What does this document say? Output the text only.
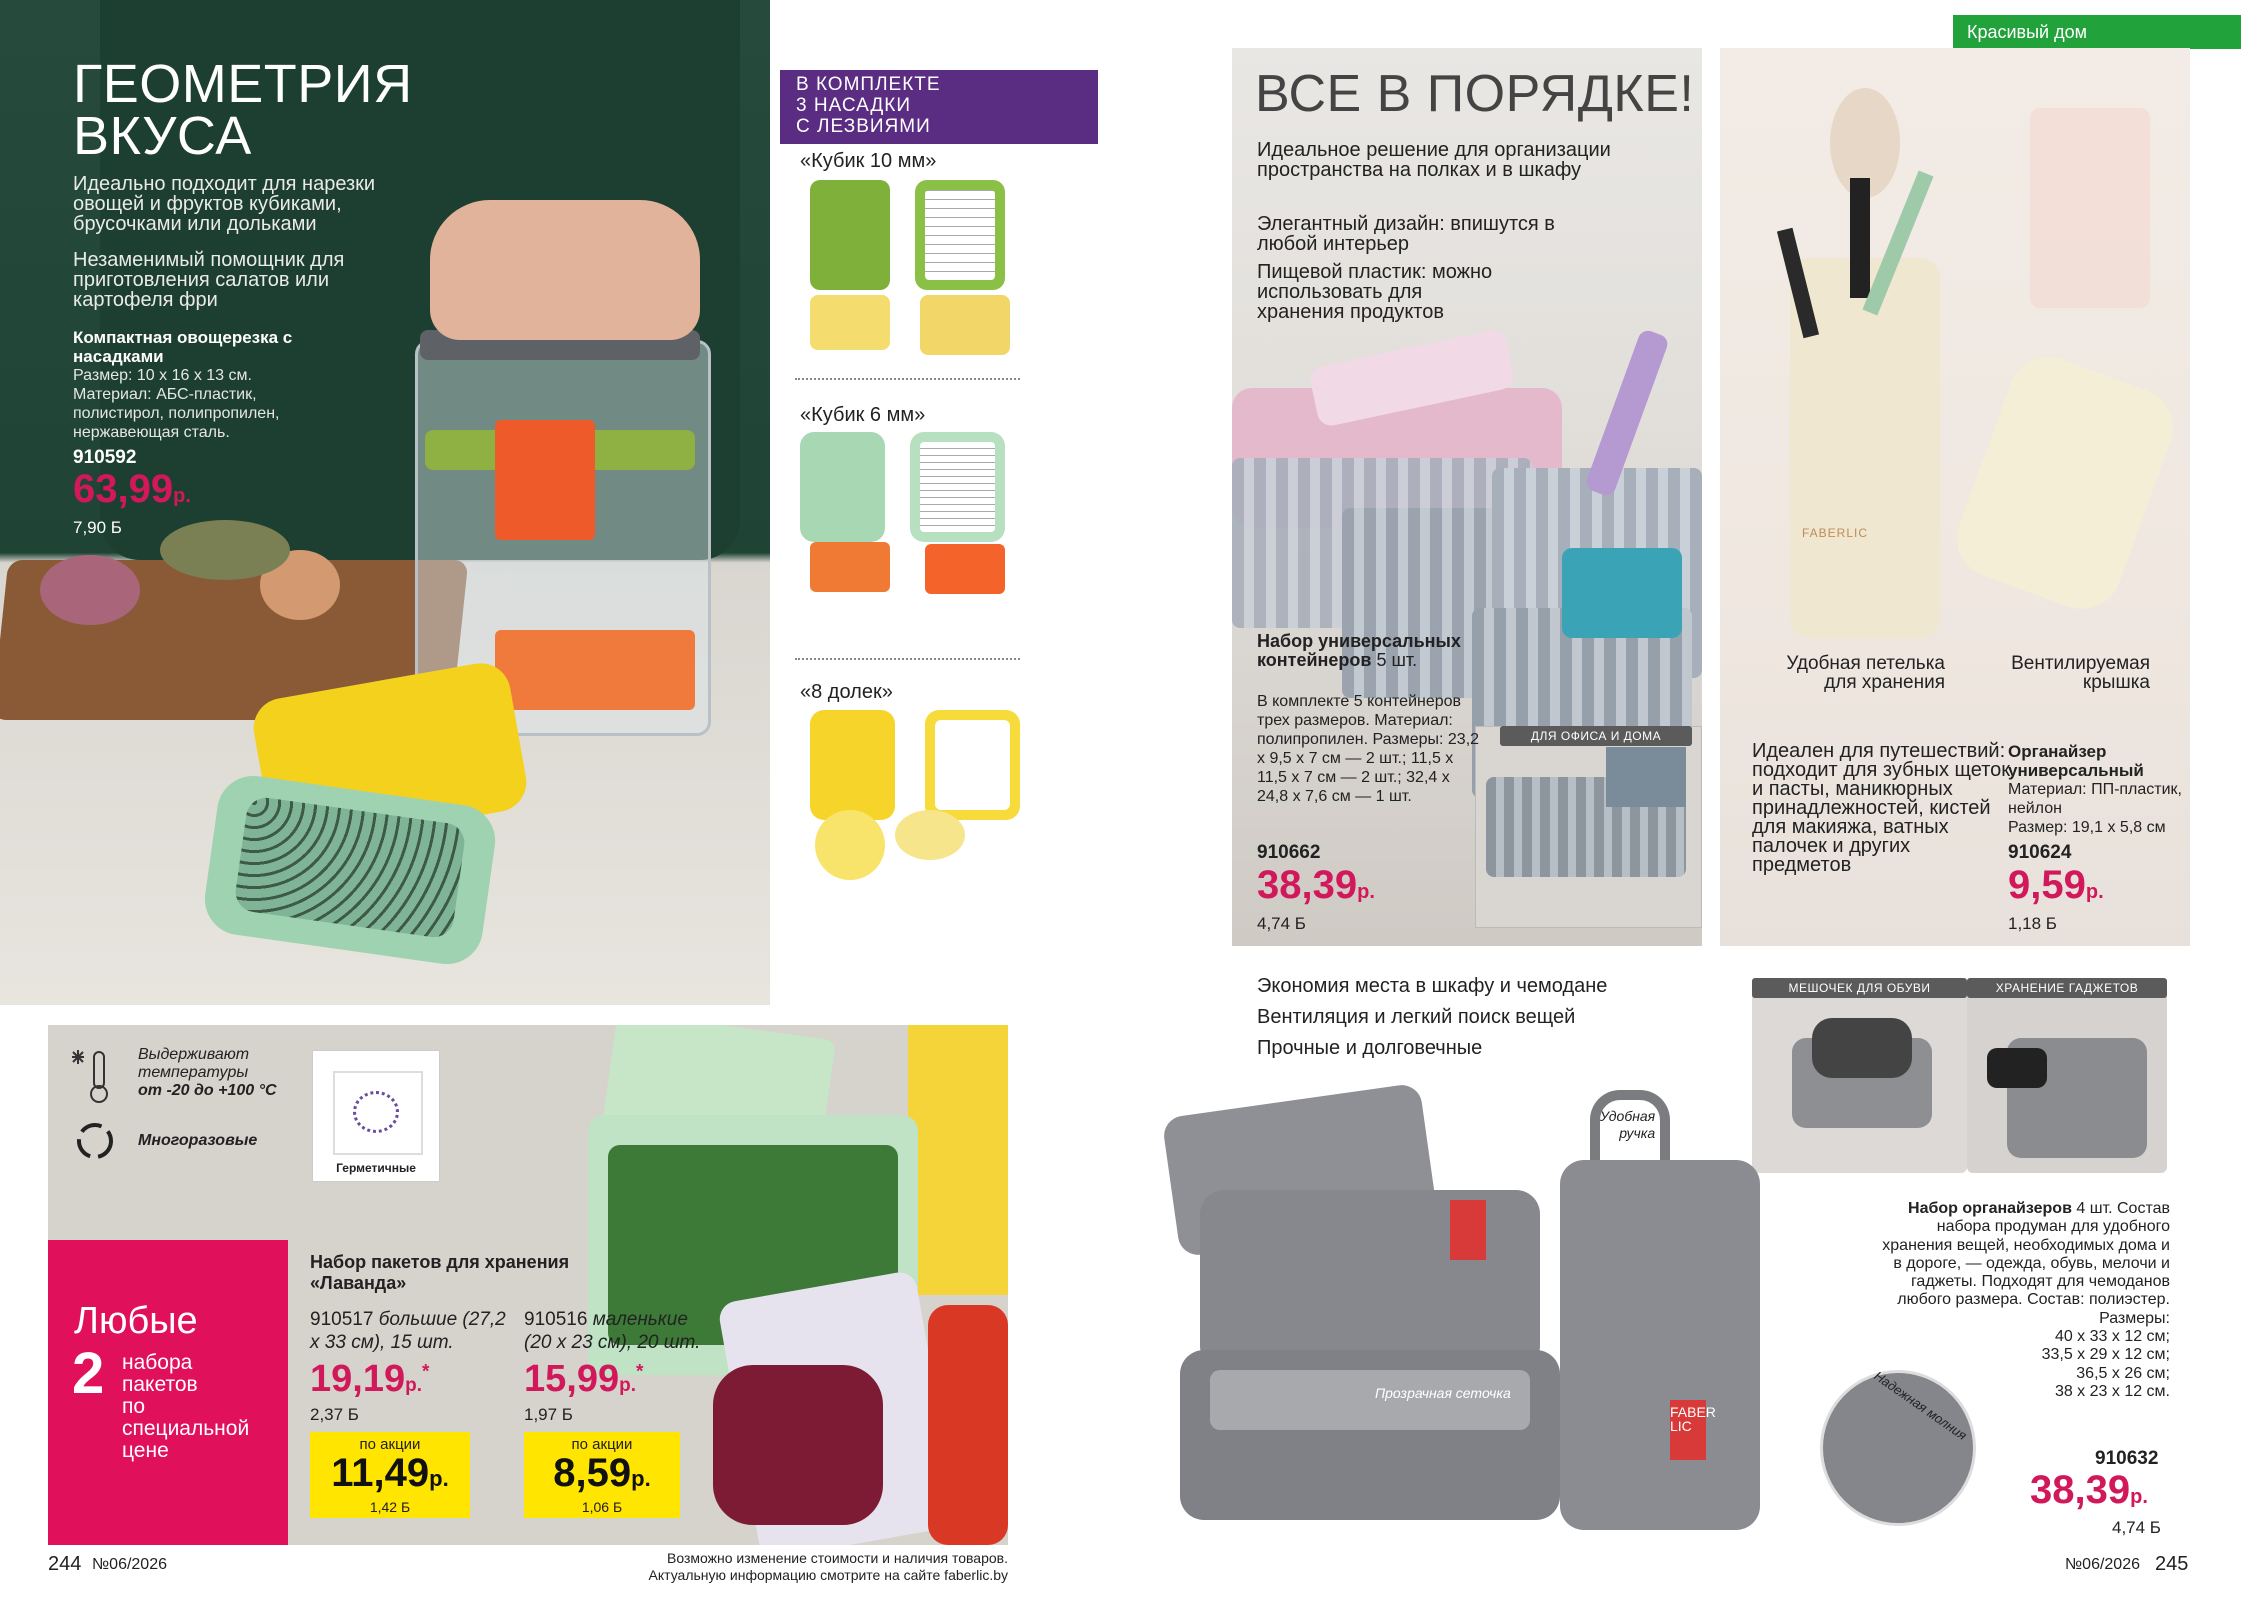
ГЕОМЕТРИЯ
ВКУСА
Идеально подходит для нарезки овощей и фруктов кубиками, брусочками или дольками
Незаменимый помощник для приготовления салатов или картофеля фри
Компактная овощерезка с насадками
Размер: 10 х 16 х 13 см.
Материал: АБС-пластик, полистирол, полипропилен, нержавеющая сталь.
910592
63,99р.
7,90 Б
В КОМПЛЕКТЕ
3 НАСАДКИ
С ЛЕЗВИЯМИ
«Кубик 10 мм»
«Кубик 6 мм»
«8 долек»
Выдерживают
температуры
от -20 до +100 °C
Многоразовые
Герметичные
Любые
2 набора
пакетов
по
специальной
цене
Набор пакетов для хранения «Лаванда»
910517 большие (27,2 х 33 см), 15 шт.
19,19р.*
2,37 Б
по акции
11,49р.
1,42 Б
910516 маленькие (20 х 23 см), 20 шт.
15,99р.*
1,97 Б
по акции
8,59р.
1,06 Б
244 №06/2026	Возможно изменение стоимости и наличия товаров.
Актуальную информацию смотрите на сайте faberlic.by
Красивый дом
ДЛЯ ОФИСА И ДОМА
FABERLIC
ВСЕ В ПОРЯДКЕ!
Идеальное решение для организации пространства на полках и в шкафу
Элегантный дизайн: впишутся в любой интерьер
Пищевой пластик: можно использовать для хранения продуктов
Набор универсальных контейнеров 5 шт.
В комплекте 5 контейнеров трех размеров. Материал: полипропилен. Размеры: 23,2 х 9,5 х 7 см — 2 шт.; 11,5 х 11,5 х 7 см — 2 шт.; 32,4 х 24,8 х 7,6 см — 1 шт.
910662
38,39р.
4,74 Б
Удобная петелька для хранения
Вентилируемая крышка
Идеален для путешествий: подходит для зубных щеток и пасты, маникюрных принадлежностей, кистей для макияжа, ватных палочек и других предметов
Органайзер универсальный
Материал: ПП-пластик, нейлон
Размер: 19,1 х 5,8 см
910624
9,59р.
1,18 Б
Экономия места в шкафу и чемодане
Вентиляция и легкий поиск вещей
Прочные и долговечные
МЕШОЧЕК ДЛЯ ОБУВИ	ХРАНЕНИЕ ГАДЖЕТОВ
FABER
LIC
Удобная
ручка
Прозрачная сеточка	Надежная молния
Набор органайзеров 4 шт. Состав набора продуман для удобного хранения вещей, необходимых дома и в дороге, — одежда, обувь, мелочи и гаджеты. Подходят для чемоданов любого размера. Состав: полиэстер.
Размеры:
40 х 33 х 12 см;
33,5 х 29 х 12 см;
36,5 х 26 см;
38 х 23 х 12 см.
910632
38,39р.
4,74 Б
№06/2026 245
